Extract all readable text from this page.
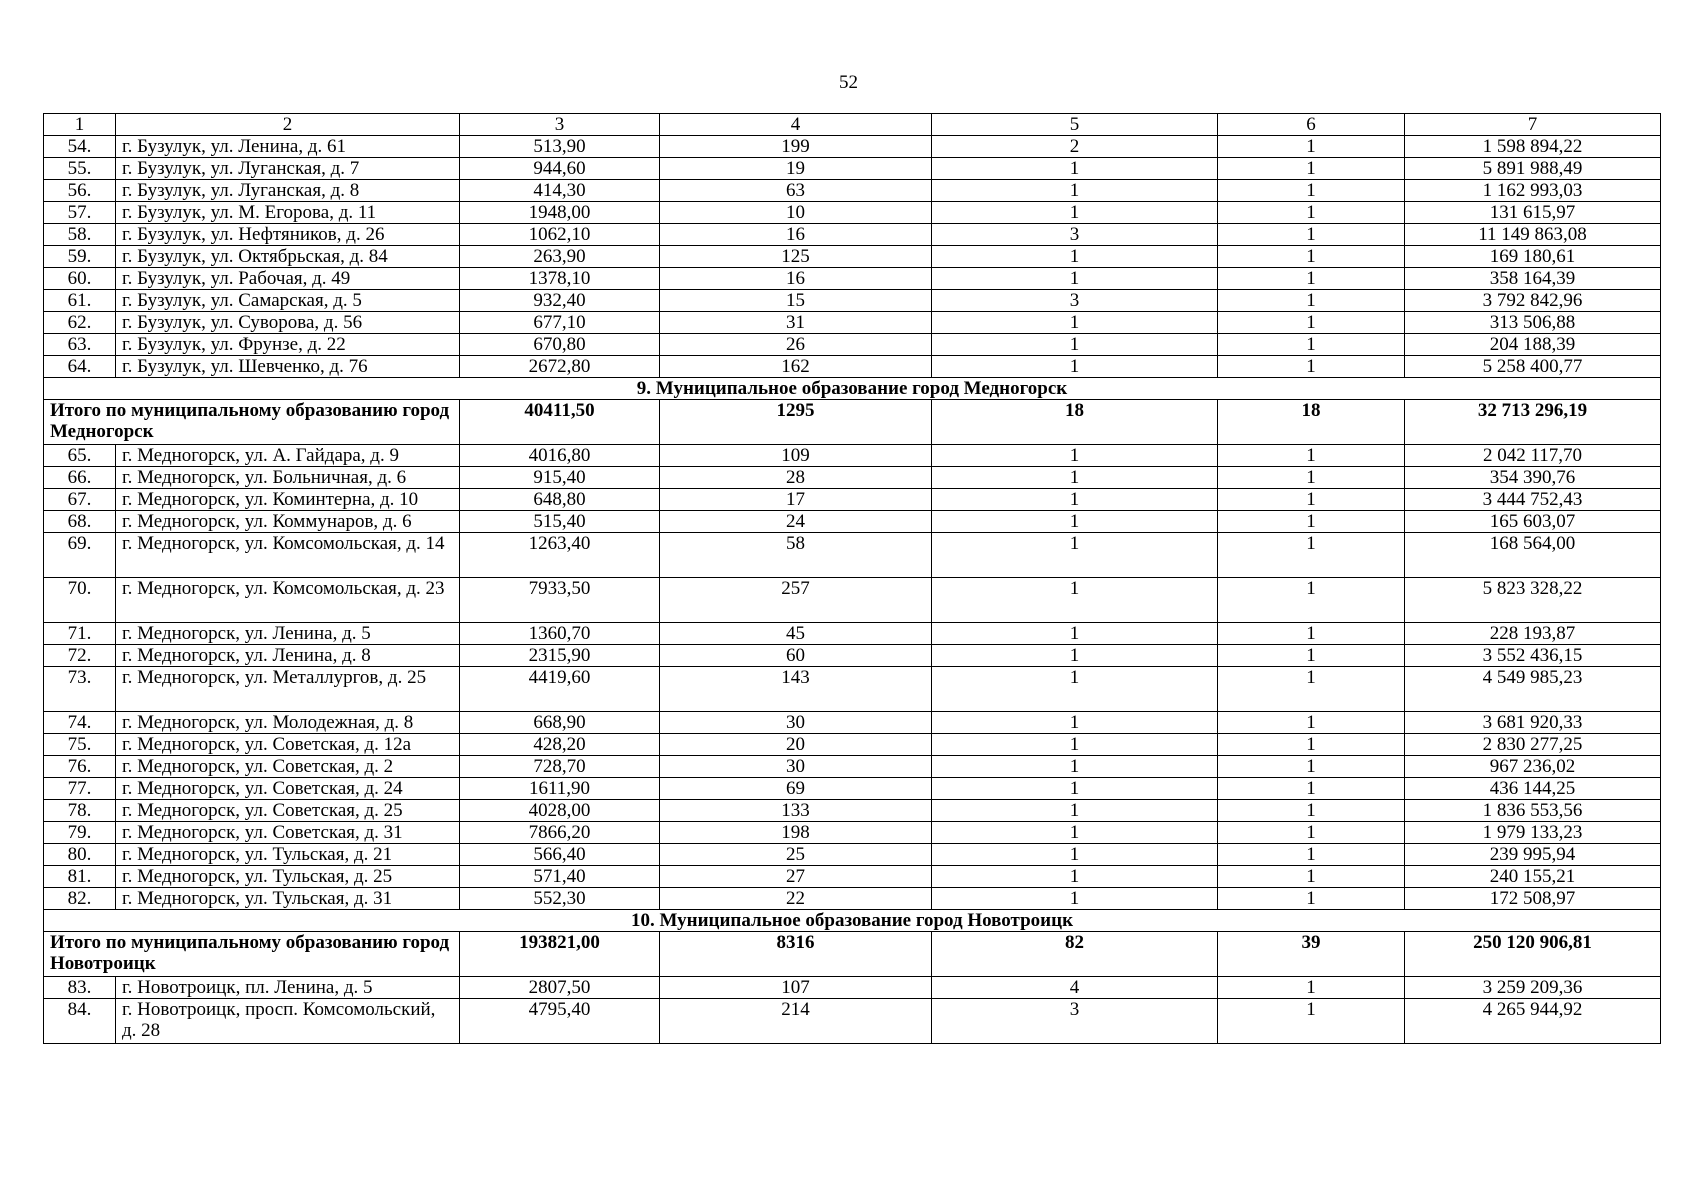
52
1	2	3	4	5	6	7
54.	г. Бузулук, ул. Ленина, д. 61	513,90	199	2	1	1 598 894,22
55.	г. Бузулук, ул. Луганская, д. 7	944,60	19	1	1	5 891 988,49
56.	г. Бузулук, ул. Луганская, д. 8	414,30	63	1	1	1 162 993,03
57.	г. Бузулук, ул. М. Егорова, д. 11	1948,00	10	1	1	131 615,97
58.	г. Бузулук, ул. Нефтяников, д. 26	1062,10	16	3	1	11 149 863,08
59.	г. Бузулук, ул. Октябрьская, д. 84	263,90	125	1	1	169 180,61
60.	г. Бузулук, ул. Рабочая, д. 49	1378,10	16	1	1	358 164,39
61.	г. Бузулук, ул. Самарская, д. 5	932,40	15	3	1	3 792 842,96
62.	г. Бузулук, ул. Суворова, д. 56	677,10	31	1	1	313 506,88
63.	г. Бузулук, ул. Фрунзе, д. 22	670,80	26	1	1	204 188,39
64.	г. Бузулук, ул. Шевченко, д. 76	2672,80	162	1	1	5 258 400,77
9. Муниципальное образование город Медногорск						
Итого по муниципальному образованию город Медногорск		40411,50	1295	18	18	32 713 296,19
65.	г. Медногорск, ул. А. Гайдара, д. 9	4016,80	109	1	1	2 042 117,70
66.	г. Медногорск, ул. Больничная, д. 6	915,40	28	1	1	354 390,76
67.	г. Медногорск, ул. Коминтерна, д. 10	648,80	17	1	1	3 444 752,43
68.	г. Медногорск, ул. Коммунаров, д. 6	515,40	24	1	1	165 603,07
69.	г. Медногорск, ул. Комсомольская, д. 14	1263,40	58	1	1	168 564,00
70.	г. Медногорск, ул. Комсомольская, д. 23	7933,50	257	1	1	5 823 328,22
71.	г. Медногорск, ул. Ленина, д. 5	1360,70	45	1	1	228 193,87
72.	г. Медногорск, ул. Ленина, д. 8	2315,90	60	1	1	3 552 436,15
73.	г. Медногорск, ул. Металлургов, д. 25	4419,60	143	1	1	4 549 985,23
74.	г. Медногорск, ул. Молодежная, д. 8	668,90	30	1	1	3 681 920,33
75.	г. Медногорск, ул. Советская, д. 12а	428,20	20	1	1	2 830 277,25
76.	г. Медногорск, ул. Советская, д. 2	728,70	30	1	1	967 236,02
77.	г. Медногорск, ул. Советская, д. 24	1611,90	69	1	1	436 144,25
78.	г. Медногорск, ул. Советская, д. 25	4028,00	133	1	1	1 836 553,56
79.	г. Медногорск, ул. Советская, д. 31	7866,20	198	1	1	1 979 133,23
80.	г. Медногорск, ул. Тульская, д. 21	566,40	25	1	1	239 995,94
81.	г. Медногорск, ул. Тульская, д. 25	571,40	27	1	1	240 155,21
82.	г. Медногорск, ул. Тульская, д. 31	552,30	22	1	1	172 508,97
10. Муниципальное образование город Новотроицк						
Итого по муниципальному образованию город Новотроицк		193821,00	8316	82	39	250 120 906,81
83.	г. Новотроицк, пл. Ленина, д. 5	2807,50	107	4	1	3 259 209,36
84.	г. Новотроицк, просп. Комсомольский, д. 28	4795,40	214	3	1	4 265 944,92
